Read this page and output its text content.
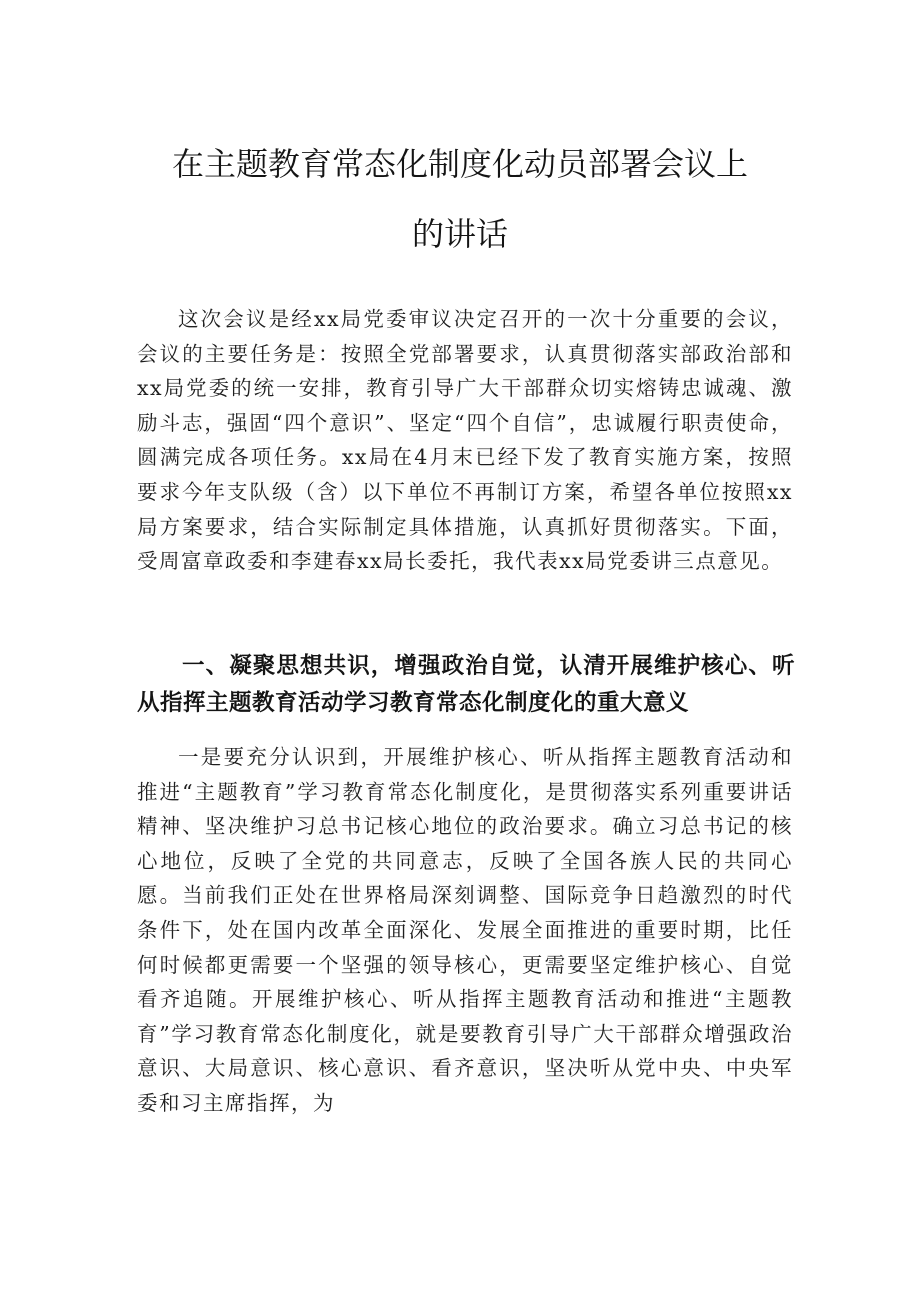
在主题教育常态化制度化动员部署会议上
的讲话

这次会议是经xx局党委审议决定召开的一次十分重要的会议，会议的主要任务是：按照全党部署要求，认真贯彻落实部政治部和xx局党委的统一安排，教育引导广大干部群众切实熔铸忠诚魂、激励斗志，强固“四个意识”、坚定“四个自信”，忠诚履行职责使命，圆满完成各项任务。xx局在4月末已经下发了教育实施方案，按照要求今年支队级（含）以下单位不再制订方案，希望各单位按照xx局方案要求，结合实际制定具体措施，认真抓好贯彻落实。下面，受周富章政委和李建春xx局长委托，我代表xx局党委讲三点意见。

一、凝聚思想共识，增强政治自觉，认清开展维护核心、听从指挥主题教育活动学习教育常态化制度化的重大意义

一是要充分认识到，开展维护核心、听从指挥主题教育活动和推进“主题教育”学习教育常态化制度化，是贯彻落实系列重要讲话精神、坚决维护习总书记核心地位的政治要求。确立习总书记的核心地位，反映了全党的共同意志，反映了全国各族人民的共同心愿。当前我们正处在世界格局深刻调整、国际竞争日趋激烈的时代条件下，处在国内改革全面深化、发展全面推进的重要时期，比任何时候都更需要一个坚强的领导核心，更需要坚定维护核心、自觉看齐追随。开展维护核心、听从指挥主题教育活动和推进“主题教育”学习教育常态化制度化，就是要教育引导广大干部群众增强政治意识、大局意识、核心意识、看齐意识，坚决听从党中央、中央军委和习主席指挥，为
